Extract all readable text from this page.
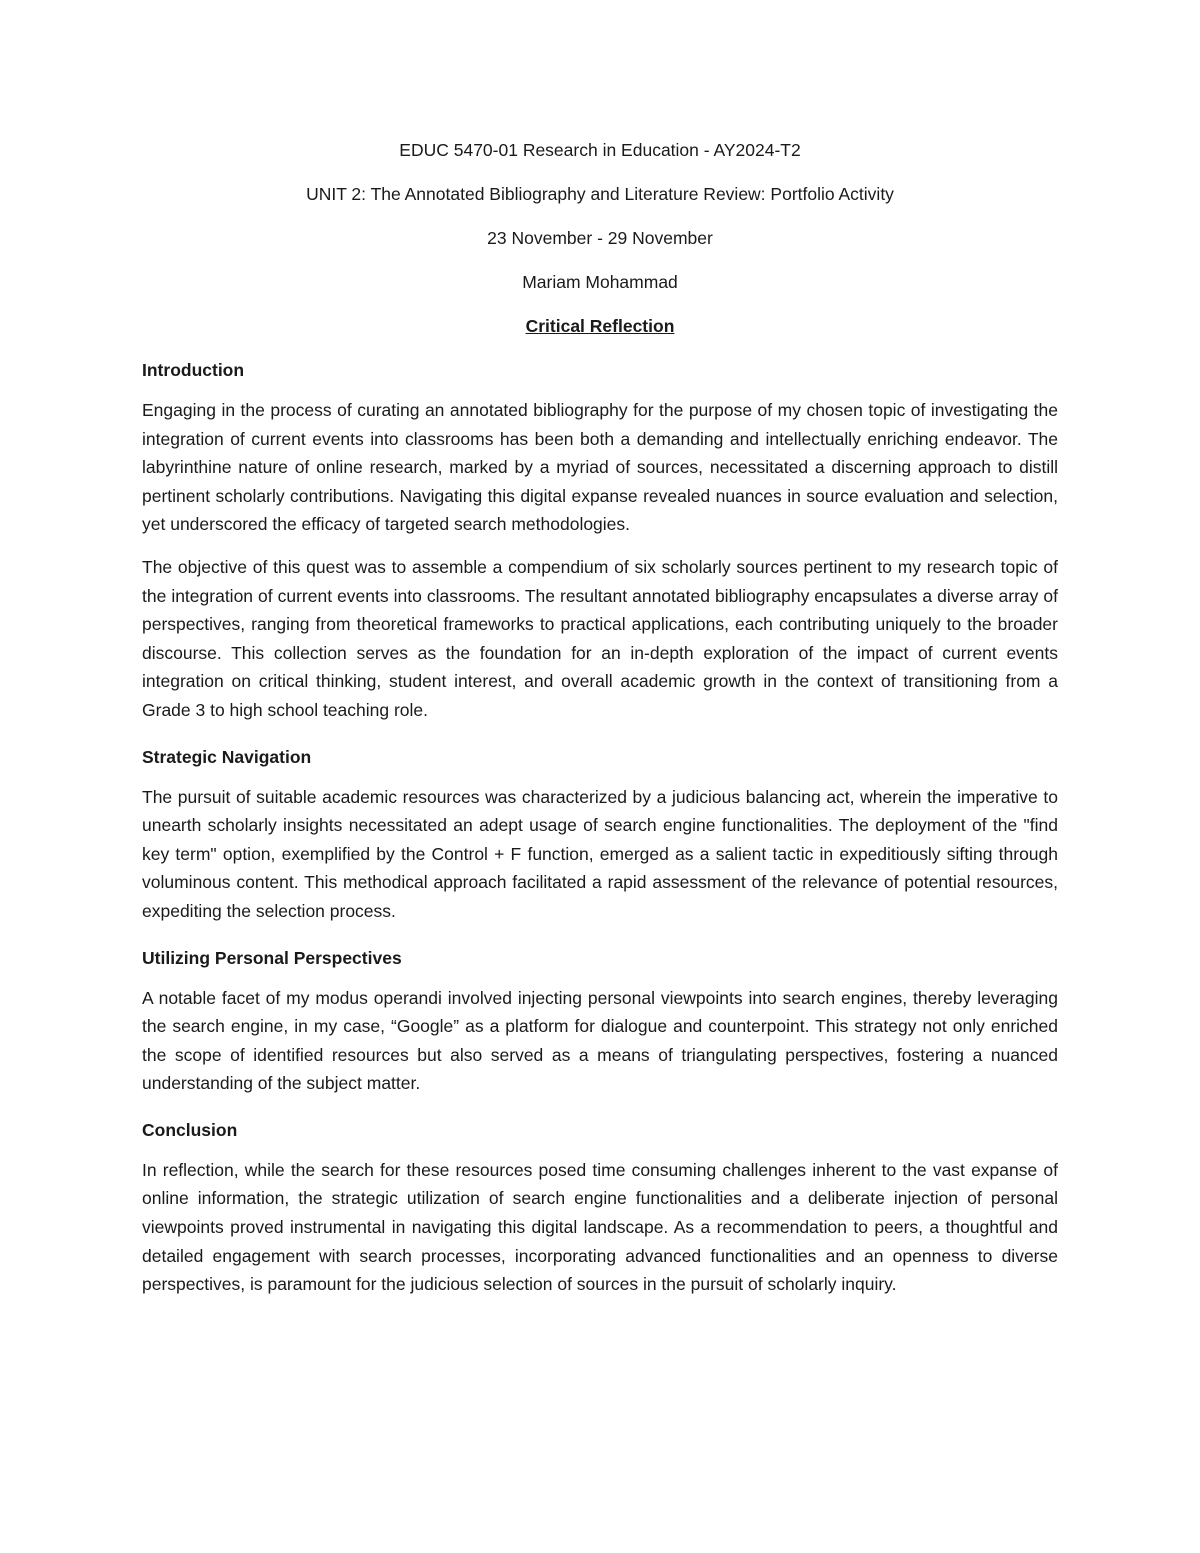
EDUC 5470-01 Research in Education - AY2024-T2

UNIT 2: The Annotated Bibliography and Literature Review: Portfolio Activity

23 November - 29 November

Mariam Mohammad

Critical Reflection

Introduction

Engaging in the process of curating an annotated bibliography for the purpose of my chosen topic of investigating the integration of current events into classrooms has been both a demanding and intellectually enriching endeavor. The labyrinthine nature of online research, marked by a myriad of sources, necessitated a discerning approach to distill pertinent scholarly contributions. Navigating this digital expanse revealed nuances in source evaluation and selection, yet underscored the efficacy of targeted search methodologies.

The objective of this quest was to assemble a compendium of six scholarly sources pertinent to my research topic of the integration of current events into classrooms. The resultant annotated bibliography encapsulates a diverse array of perspectives, ranging from theoretical frameworks to practical applications, each contributing uniquely to the broader discourse. This collection serves as the foundation for an in-depth exploration of the impact of current events integration on critical thinking, student interest, and overall academic growth in the context of transitioning from a Grade 3 to high school teaching role.

Strategic Navigation

The pursuit of suitable academic resources was characterized by a judicious balancing act, wherein the imperative to unearth scholarly insights necessitated an adept usage of search engine functionalities. The deployment of the "find key term" option, exemplified by the Control + F function, emerged as a salient tactic in expeditiously sifting through voluminous content. This methodical approach facilitated a rapid assessment of the relevance of potential resources, expediting the selection process.

Utilizing Personal Perspectives

A notable facet of my modus operandi involved injecting personal viewpoints into search engines, thereby leveraging the search engine, in my case, “Google” as a platform for dialogue and counterpoint. This strategy not only enriched the scope of identified resources but also served as a means of triangulating perspectives, fostering a nuanced understanding of the subject matter.

Conclusion

In reflection, while the search for these resources posed time consuming challenges inherent to the vast expanse of online information, the strategic utilization of search engine functionalities and a deliberate injection of personal viewpoints proved instrumental in navigating this digital landscape. As a recommendation to peers, a thoughtful and detailed engagement with search processes, incorporating advanced functionalities and an openness to diverse perspectives, is paramount for the judicious selection of sources in the pursuit of scholarly inquiry.
